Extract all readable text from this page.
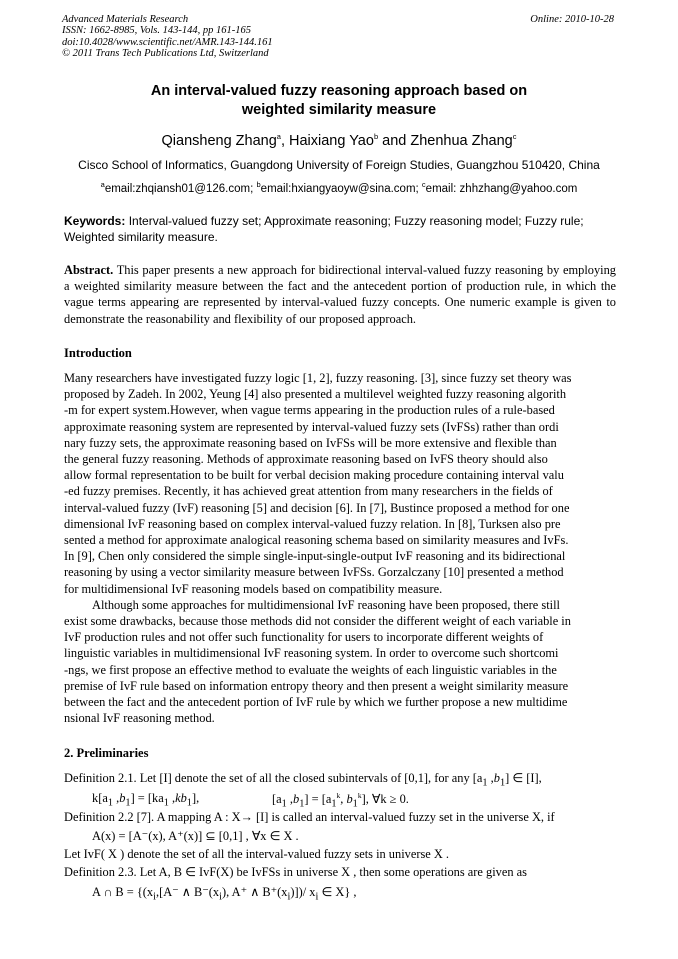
Advanced Materials Research
ISSN: 1662-8985, Vols. 143-144, pp 161-165
doi:10.4028/www.scientific.net/AMR.143-144.161
© 2011 Trans Tech Publications Ltd, Switzerland
Online: 2010-10-28
An interval-valued fuzzy reasoning approach based on
weighted similarity measure
Qiansheng Zhang$^a$, Haixiang Yao$^b$ and Zhenhua Zhang$^c$
Cisco School of Informatics, Guangdong University of Foreign Studies, Guangzhou 510420, China
$^a$email:zhqiansh01@126.com; $^b$email:hxiangyaoyw@sina.com; $^c$email: zhhzhang@yahoo.com
Keywords: Interval-valued fuzzy set; Approximate reasoning; Fuzzy reasoning model; Fuzzy rule; Weighted similarity measure.
Abstract. This paper presents a new approach for bidirectional interval-valued fuzzy reasoning by employing a weighted similarity measure between the fact and the antecedent portion of production rule, in which the vague terms appearing are represented by interval-valued fuzzy concepts. One numeric example is given to demonstrate the reasonability and flexibility of our proposed approach.
Introduction
Many researchers have investigated fuzzy logic [1, 2], fuzzy reasoning. [3], since fuzzy set theory was
proposed by Zadeh. In 2002, Yeung [4] also presented a multilevel weighted fuzzy reasoning algorith
-m for expert system.However, when vague terms appearing in the production rules of a rule-based
approximate reasoning system are represented by interval-valued fuzzy sets (IvFSs) rather than ordi
nary fuzzy sets, the approximate reasoning based on IvFSs will be more extensive and flexible than
the general fuzzy reasoning. Methods of approximate reasoning based on IvFS theory should also
allow formal representation to be built for verbal decision making procedure containing interval valu
-ed fuzzy premises. Recently, it has achieved great attention from many researchers in the fields of
interval-valued fuzzy (IvF) reasoning [5] and decision [6]. In [7], Bustince proposed a method for one
dimensional IvF reasoning based on complex interval-valued fuzzy relation. In [8], Turksen also pre
sented a method for approximate analogical reasoning schema based on similarity measures and IvFs.
In [9], Chen only considered the simple single-input-single-output IvF reasoning and its bidirectional
reasoning by using a vector similarity measure between IvFSs. Gorzalczany [10] presented a method
for multidimensional IvF reasoning models based on compatibility measure.
Although some approaches for multidimensional IvF reasoning have been proposed, there still
exist some drawbacks, because those methods did not consider the different weight of each variable in
IvF production rules and not offer such functionality for users to incorporate different weights of
linguistic variables in multidimensional IvF reasoning system. In order to overcome such shortcomi
-ngs, we first propose an effective method to evaluate the weights of each linguistic variables in the
premise of IvF rule based on information entropy theory and then present a weight similarity measure
between the fact and the antecedent portion of IvF rule by which we further propose a new multidime
nsional IvF reasoning method.
2. Preliminaries
Definition 2.1. Let [I] denote the set of all the closed subintervals of [0,1], for any [$a_1$ $,b_1$] ∈ [I],
$k[a_1$ $,b_1] = [ka_1$ $,kb_1$],	[$a_1$ $,b_1] = [a_1^k$, $b_1^k$], ∀k ≥ 0.
Definition 2.2 [7]. A mapping A : X→ [I] is called an interval-valued fuzzy set in the universe X, if
A(x) = [A⁻(x), A⁺(x)] ⊆ [0,1] , ∀x ∈ X .
Let IvF( X ) denote the set of all the interval-valued fuzzy sets in universe X .
Definition 2.3. Let A, B ∈ IvF(X) be IvFSs in universe X , then some operations are given as
A ∩ $B = \{(x_i,[A^-$ ∧ $B^-(x_i)$, A⁺ ∧ $B^+(x_i)])/$ $x_i$ ∈ X} ,
